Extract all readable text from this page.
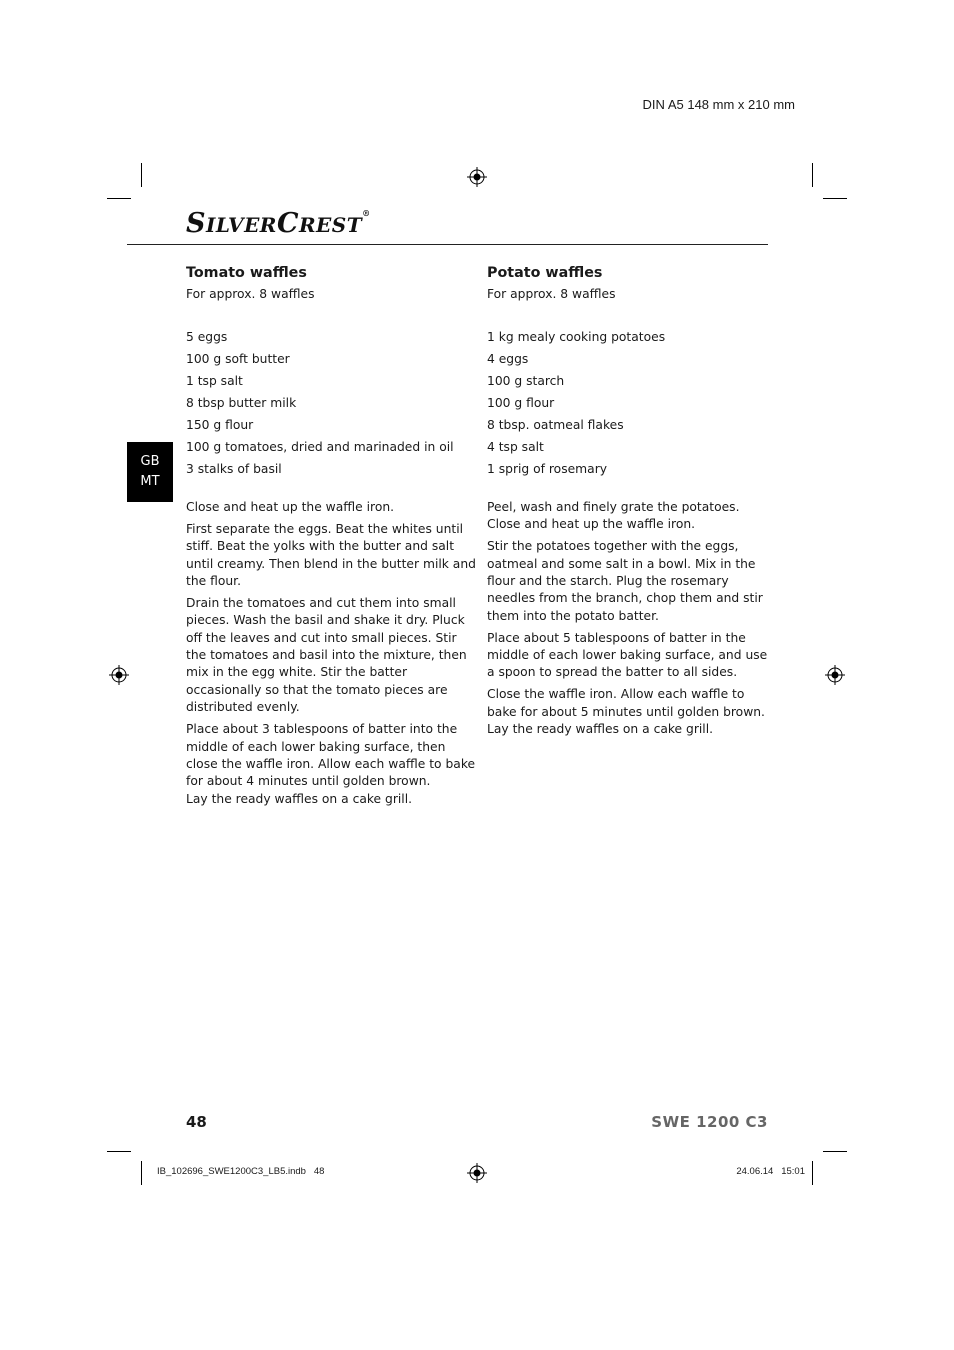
DIN A5 148 mm x 210 mm
SILVERCREST®
GB
MT
Tomato waffles

For approx. 8 waffles

5 eggs
100 g soft butter
1 tsp salt
8 tbsp butter milk
150 g flour
100 g tomatoes, dried and marinaded in oil
3 stalks of basil

Close and heat up the waffle iron.

First separate the eggs. Beat the whites until stiff. Beat the yolks with the butter and salt until creamy. Then blend in the butter milk and the flour.

Drain the tomatoes and cut them into small pieces. Wash the basil and shake it dry. Pluck off the leaves and cut into small pieces. Stir the tomatoes and basil into the mixture, then mix in the egg white. Stir the batter occasionally so that the tomato pieces are distributed evenly.

Place about 3 tablespoons of batter into the middle of each lower baking surface, then close the waffle iron. Allow each waffle to bake for about 4 minutes until golden brown.

Lay the ready waffles on a cake grill.

Potato waffles

For approx. 8 waffles

1 kg mealy cooking potatoes
4 eggs
100 g starch
100 g flour
8 tbsp. oatmeal flakes
4 tsp salt
1 sprig of rosemary

Peel, wash and finely grate the potatoes.

Close and heat up the waffle iron.

Stir the potatoes together with the eggs, oatmeal and some salt in a bowl. Mix in the flour and the starch. Plug the rosemary needles from the branch, chop them and stir them into the potato batter.

Place about 5 tablespoons of batter in the middle of each lower baking surface, and use a spoon to spread the batter to all sides.

Close the waffle iron. Allow each waffle to bake for about 5 minutes until golden brown. Lay the ready waffles on a cake grill.

48	SWE 1200 C3
IB_102696_SWE1200C3_LB5.indb   48	24.06.14   15:01
